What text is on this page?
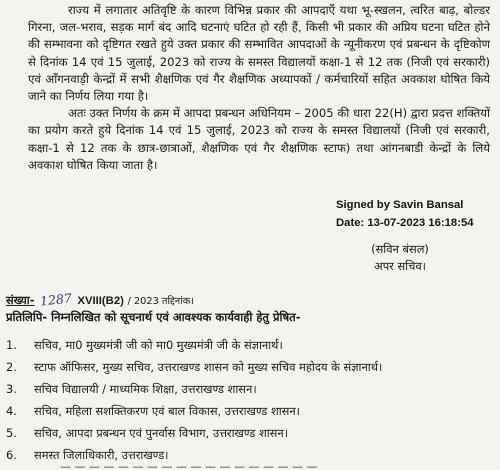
राज्य में लगातार अतिवृष्टि के कारण विभिन्न प्रकार की आपदाएँ यथा भू-स्खलन, त्वरित बाढ़, बोल्डर गिरना, जल-भराव, सड़क मार्ग बंद आदि घटनाएं घटित हो रही हैं, किसी भी प्रकार की अप्रिय घटना घटित होने की सम्भावना को दृष्टिगत रखते हुये उक्त प्रकार की सम्भावित आपदाओं के न्यूनीकरण एवं प्रबन्धन के दृष्टिकोण से दिनांक 14 एवं 15 जुलाई, 2023 को राज्य के समस्त विद्यालयों कक्षा-1 से 12 तक (निजी एवं सरकारी) एवं आँगनवाड़ी केन्द्रों में सभी शैक्षणिक एवं गैर शैक्षणिक अध्यापकों / कर्मचारियों सहित अवकाश घोषित किये जाने का निर्णय लिया गया है।

अतः उक्त निर्णय के क्रम में आपदा प्रबन्धन अधिनियम – 2005 की धारा 22(H) द्वारा प्रदत्त शक्तियों का प्रयोग करते हुये दिनांक 14 एवं 15 जुलाई, 2023 को राज्य के समस्त विद्यालयों (निजी एवं सरकारी, कक्षा-1 से 12 तक के छात्र-छात्राओं, शैक्षणिक एवं गैर शैक्षणिक स्टाफ) तथा आंगनबाडी केन्द्रों के लिये अवकाश घोषित किया जाता है।

Signed by Savin Bansal
Date: 13-07-2023 16:18:54
(सविन बंसल)
अपर सचिव।
संख्या- 1287 XVIII(B2) / 2023 तद्दिनांक।
प्रतिलिपि- निम्नलिखित को सूचनार्थ एवं आवश्यक कार्यवाही हेतु प्रेषित-
1.	सचिव, मा0 मुख्यमंत्री जी को मा0 मुख्यमंत्री जी के संज्ञानार्थ।
2.	स्टाफ ऑफिसर, मुख्य सचिव, उत्तराखण्ड शासन को मुख्य सचिव महोदय के संज्ञानार्थ।
3.	सचिव विद्यालयी / माध्यमिक शिक्षा, उत्तराखण्ड शासन।
4.	सचिव, महिला सशक्तिकरण एवं बाल विकास, उत्तराखण्ड शासन।
5.	सचिव, आपदा प्रबन्धन एवं पुनर्वास विभाग, उत्तराखण्ड शासन।
6.	समस्त जिलाधिकारी, उत्तराखण्ड।
— — — — — — — — — — — — — — — — — —
